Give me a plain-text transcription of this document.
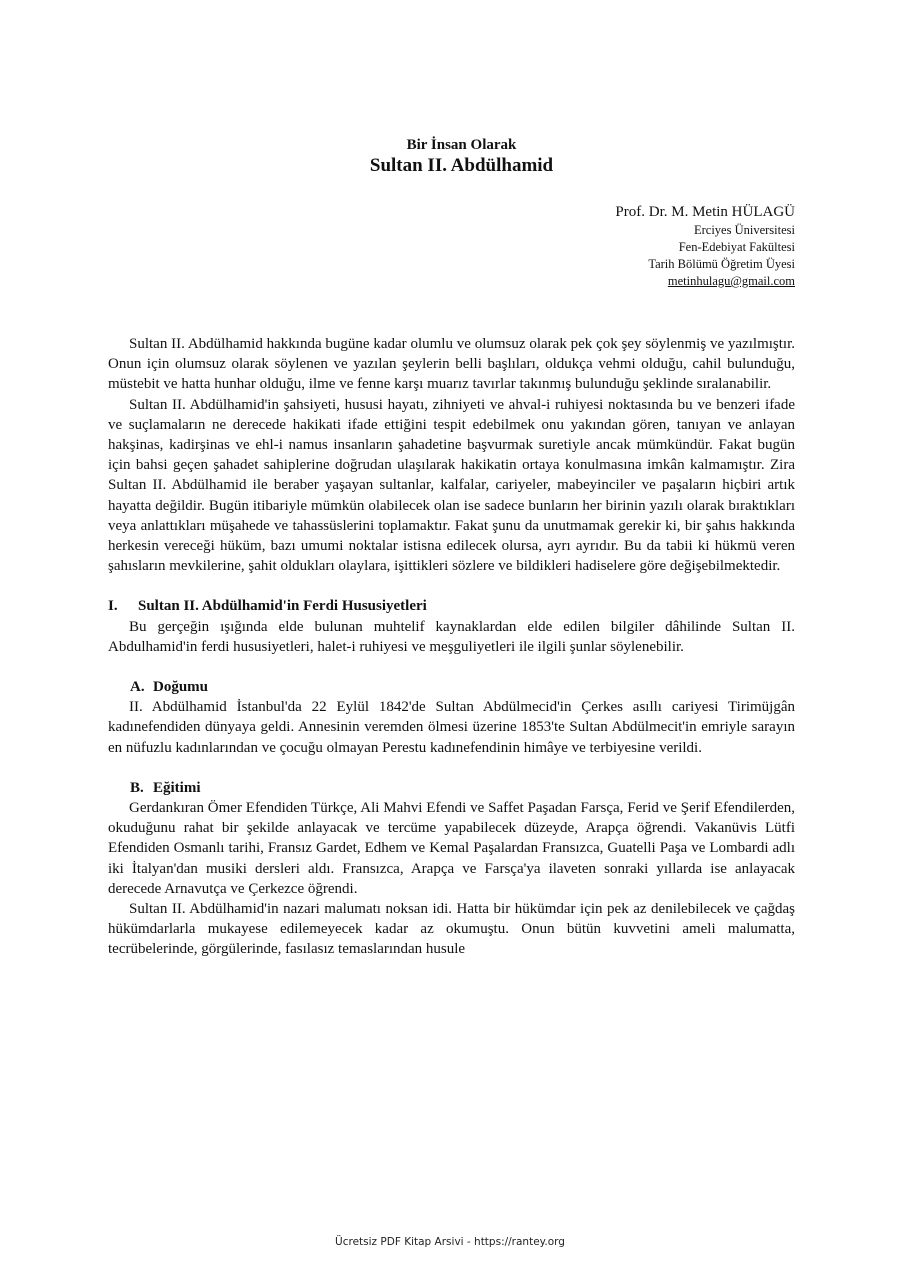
Bir İnsan Olarak
Sultan II. Abdülhamid
Prof. Dr. M. Metin HÜLAGÜ
Erciyes Üniversitesi
Fen-Edebiyat Fakültesi
Tarih Bölümü Öğretim Üyesi
metinhulagu@gmail.com

Sultan II. Abdülhamid hakkında bugüne kadar olumlu ve olumsuz olarak pek çok şey söylenmiş ve yazılmıştır. Onun için olumsuz olarak söylenen ve yazılan şeylerin belli başlıları, oldukça vehmi olduğu, cahil bulunduğu, müstebit ve hatta hunhar olduğu, ilme ve fenne karşı muarız tavırlar takınmış bulunduğu şeklinde sıralanabilir.

Sultan II. Abdülhamid'in şahsiyeti, hususi hayatı, zihniyeti ve ahval-i ruhiyesi noktasında bu ve benzeri ifade ve suçlamaların ne derecede hakikati ifade ettiğini tespit edebilmek onu yakından gören, tanıyan ve anlayan hakşinas, kadirşinas ve ehl-i namus insanların şahadetine başvurmak suretiyle ancak mümkündür. Fakat bugün için bahsi geçen şahadet sahiplerine doğrudan ulaşılarak hakikatin ortaya konulmasına imkân kalmamıştır. Zira Sultan II. Abdülhamid ile beraber yaşayan sultanlar, kalfalar, cariyeler, mabeyinciler ve paşaların hiçbiri artık hayatta değildir. Bugün itibariyle mümkün olabilecek olan ise sadece bunların her birinin yazılı olarak bıraktıkları veya anlattıkları müşahede ve tahassüslerini toplamaktır. Fakat şunu da unutmamak gerekir ki, bir şahıs hakkında herkesin vereceği hüküm, bazı umumi noktalar istisna edilecek olursa, ayrı ayrıdır. Bu da tabii ki hükmü veren şahısların mevkilerine, şahit oldukları olaylara, işittikleri sözlere ve bildikleri hadiselere göre değişebilmektedir.

I. Sultan II. Abdülhamid'in Ferdi Hususiyetleri

Bu gerçeğin ışığında elde bulunan muhtelif kaynaklardan elde edilen bilgiler dâhilinde Sultan II. Abdulhamid'in ferdi hususiyetleri, halet-i ruhiyesi ve meşguliyetleri ile ilgili şunlar söylenebilir.

A. Doğumu

II. Abdülhamid İstanbul'da 22 Eylül 1842'de Sultan Abdülmecid'in Çerkes asıllı cariyesi Tirimüjgân kadınefendiden dünyaya geldi. Annesinin veremden ölmesi üzerine 1853'te Sultan Abdülmecit'in emriyle sarayın en nüfuzlu kadınlarından ve çocuğu olmayan Perestu kadınefendinin himâye ve terbiyesine verildi.

B. Eğitimi

Gerdankıran Ömer Efendiden Türkçe, Ali Mahvi Efendi ve Saffet Paşadan Farsça, Ferid ve Şerif Efendilerden, okuduğunu rahat bir şekilde anlayacak ve tercüme yapabilecek düzeyde, Arapça öğrendi. Vakanüvis Lütfi Efendiden Osmanlı tarihi, Fransız Gardet, Edhem ve Kemal Paşalardan Fransızca, Guatelli Paşa ve Lombardi adlı iki İtalyan'dan musiki dersleri aldı. Fransızca, Arapça ve Farsça'ya ilaveten sonraki yıllarda ise anlayacak derecede Arnavutça ve Çerkezce öğrendi.

Sultan II. Abdülhamid'in nazari malumatı noksan idi. Hatta bir hükümdar için pek az denilebilecek ve çağdaş hükümdarlarla mukayese edilemeyecek kadar az okumuştu. Onun bütün kuvvetini ameli malumatta, tecrübelerinde, görgülerinde, fasılasız temaslarından husule

Ücretsiz PDF Kitap Arsivi - https://rantey.org
